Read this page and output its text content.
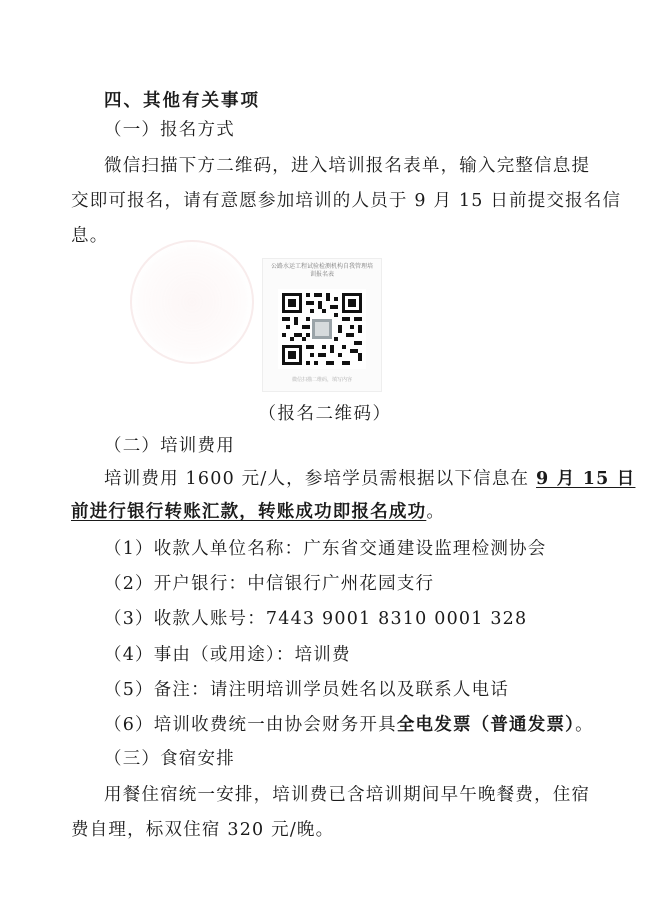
四、其他有关事项
（一）报名方式
微信扫描下方二维码，进入培训报名表单，输入完整信息提
交即可报名，请有意愿参加培训的人员于 9 月 15 日前提交报名信
息。
公路水运工程试验检测机构自我管理培
训报名表
微信扫描二维码，填写内容
（报名二维码）
（二）培训费用
培训费用 1600 元/人，参培学员需根据以下信息在 9 月 15 日
前进行银行转账汇款，转账成功即报名成功。
（1）收款人单位名称：广东省交通建设监理检测协会
（2）开户银行：中信银行广州花园支行
（3）收款人账号：7443 9001 8310 0001 328
（4）事由（或用途）：培训费
（5）备注：请注明培训学员姓名以及联系人电话
（6）培训收费统一由协会财务开具全电发票（普通发票）。
（三）食宿安排
用餐住宿统一安排，培训费已含培训期间早午晚餐费，住宿
费自理，标双住宿 320 元/晚。
